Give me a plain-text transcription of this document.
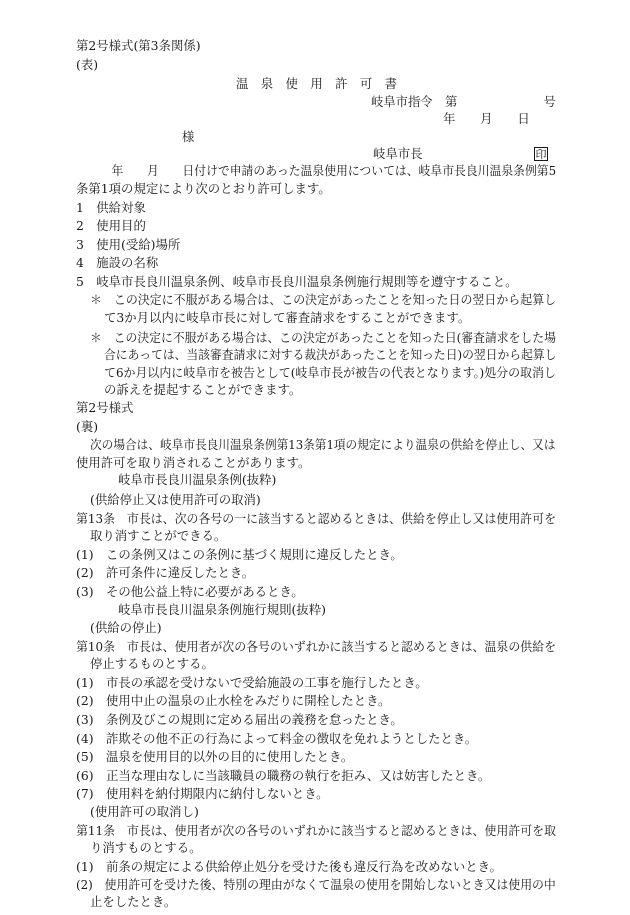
第2号様式(第3条関係)
(表)
温　泉　使　用　許　可　書
岐阜市指令　第　　　　　　　号
年　　月　　日
様
岐阜市長	印
　　　年　　月　　日付けで申請のあった温泉使用については、岐阜市長良川温泉条例第5
条第1項の規定により次のとおり許可します。
1　供給対象
2　使用目的
3　使用(受給)場所
4　施設の名称
5　岐阜市長良川温泉条例、岐阜市長良川温泉条例施行規則等を遵守すること。
＊　この決定に不服がある場合は、この決定があったことを知った日の翌日から起算し
て3か月以内に岐阜市長に対して審査請求をすることができます。
＊　この決定に不服がある場合は、この決定があったことを知った日(審査請求をした場
合にあっては、当該審査請求に対する裁決があったことを知った日)の翌日から起算し
て6か月以内に岐阜市を被告として(岐阜市長が被告の代表となります。)処分の取消し
の訴えを提起することができます。
第2号様式
(裏)
次の場合は、岐阜市長良川温泉条例第13条第1項の規定により温泉の供給を停止し、又は
使用許可を取り消されることがあります。
岐阜市長良川温泉条例(抜粋)
(供給停止又は使用許可の取消)
第13条　市長は、次の各号の一に該当すると認めるときは、供給を停止し又は使用許可を
取り消すことができる。
(1)　この条例又はこの条例に基づく規則に違反したとき。
(2)　許可条件に違反したとき。
(3)　その他公益上特に必要があるとき。
岐阜市長良川温泉条例施行規則(抜粋)
(供給の停止)
第10条　市長は、使用者が次の各号のいずれかに該当すると認めるときは、温泉の供給を
停止するものとする。
(1)　市長の承認を受けないで受給施設の工事を施行したとき。
(2)　使用中止の温泉の止水栓をみだりに開栓したとき。
(3)　条例及びこの規則に定める届出の義務を怠ったとき。
(4)　詐欺その他不正の行為によって料金の徴収を免れようとしたとき。
(5)　温泉を使用目的以外の目的に使用したとき。
(6)　正当な理由なしに当該職員の職務の執行を拒み、又は妨害したとき。
(7)　使用料を納付期限内に納付しないとき。
(使用許可の取消し)
第11条　市長は、使用者が次の各号のいずれかに該当すると認めるときは、使用許可を取
り消すものとする。
(1)　前条の規定による供給停止処分を受けた後も違反行為を改めないとき。
(2)　使用許可を受けた後、特別の理由がなくて温泉の使用を開始しないとき又は使用の中
止をしたとき。
